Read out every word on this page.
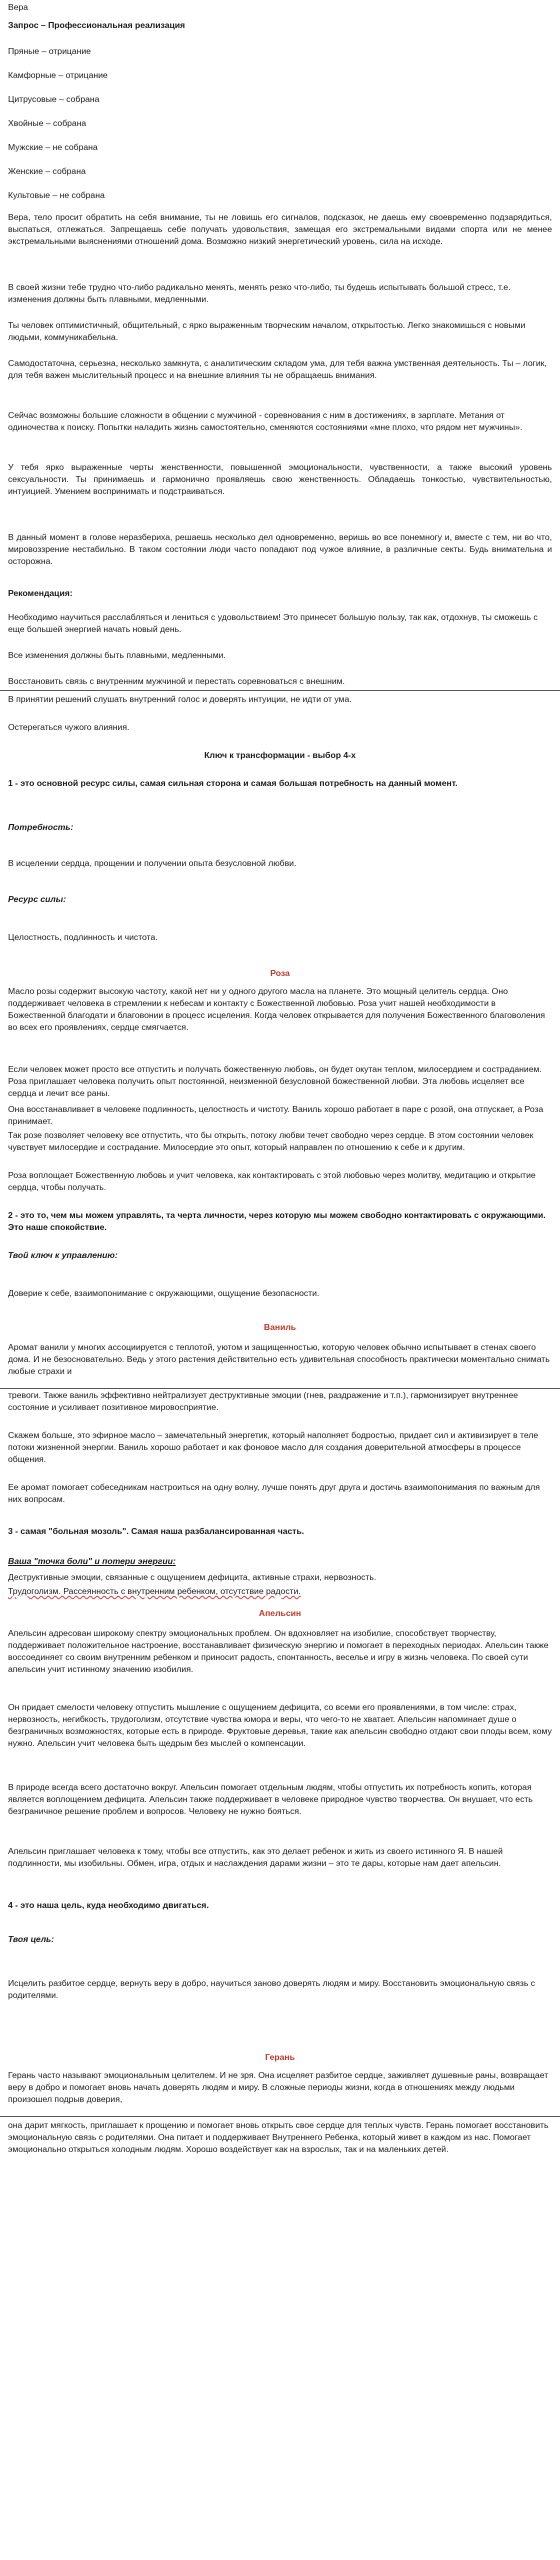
Вера

Запрос – Профессиональная реализация

Пряные – отрицание

Камфорные – отрицание

Цитрусовые – собрана

Хвойные – собрана

Мужские – не собрана

Женские – собрана

Культовые – не собрана

Вера, тело просит обратить на себя внимание, ты не ловишь его сигналов, подсказок, не даешь ему своевременно подзарядиться, выспаться, отлежаться. Запрещаешь себе получать удовольствия, замещая его экстремальными видами спорта или не менее экстремальными выяснениями отношений дома. Возможно низкий энергетический уровень, сила на исходе.

В своей жизни тебе трудно что-либо радикально менять, менять резко что-либо, ты будешь испытывать большой стресс, т.е. изменения должны быть плавными, медленными.

Ты человек оптимистичный, общительный, с ярко выраженным творческим началом, открытостью. Легко знакомишься с новыми людьми, коммуникабельна.

Самодостаточна, серьезна, несколько замкнута, с аналитическим складом ума, для тебя важна умственная деятельность. Ты – логик, для тебя важен мыслительный процесс и на внешние влияния ты не обращаешь внимания.

Сейчас возможны большие сложности в общении с мужчиной - соревнования с ним в достижениях, в зарплате. Метания от одиночества к поиску. Попытки наладить жизнь самостоятельно, сменяются состояниями «мне плохо, что рядом нет мужчины».

У тебя ярко выраженные черты женственности, повышенной эмоциональности, чувственности, а также высокий уровень сексуальности. Ты принимаешь и гармонично проявляешь свою женственность. Обладаешь тонкостью, чувствительностью, интуицией. Умением воспринимать и подстраиваться.

В данный момент в голове неразбериха, решаешь несколько дел одновременно, веришь во все понемногу и, вместе с тем, ни во что, мировоззрение нестабильно. В таком состоянии люди часто попадают под чужое влияние, в различные секты. Будь внимательна и осторожна.

Рекомендация:

Необходимо научиться расслабляться и лениться с удовольствием! Это принесет большую пользу, так как, отдохнув, ты сможешь с еще большей энергией начать новый день.

Все изменения должны быть плавными, медленными.

Восстановить связь с внутренним мужчиной и перестать соревноваться с внешним.

В принятии решений слушать внутренний голос и доверять интуиции, не идти от ума.

Остерегаться чужого влияния.

Ключ к трансформации - выбор 4-х

1 - это основной ресурс силы, самая сильная сторона и самая большая потребность на данный момент.

Потребность:

В исцелении сердца, прощении и получении опыта безусловной любви.

Ресурс силы:

Целостность, подлинность и чистота.

Роза

Масло розы содержит высокую частоту, какой нет ни у одного другого масла на планете. Это мощный целитель сердца. Оно поддерживает человека в стремлении к небесам и контакту с Божественной любовью. Роза учит нашей необходимости в Божественной благодати и благовонии в процесс исцеления. Когда человек открывается для получения Божественного благоволения во всех его проявлениях, сердце смягчается.

Если человек может просто все отпустить и получать божественную любовь, он будет окутан теплом, милосердием и состраданием. Роза приглашает человека получить опыт постоянной, неизменной безусловной божественной любви. Эта любовь исцеляет все сердца и лечит все раны.

Она восстанавливает в человеке подлинность, целостность и чистоту. Ваниль хорошо работает в паре с розой, она отпускает, а Роза принимает.

Так розе позволяет человеку все отпустить, что бы открыть, потоку любви течет свободно через сердце. В этом состоянии человек чувствует милосердие и сострадание. Милосердие это опыт, который направлен по отношению к себе и к другим.

Роза воплощает Божественную любовь и учит человека, как контактировать с этой любовью через молитву, медитацию и открытие сердца, чтобы получать.

2 - это то, чем мы можем управлять, та черта личности, через которую мы можем свободно контактировать с окружающими. Это наше спокойствие.

Твой ключ к управлению:

Доверие к себе, взаимопонимание с окружающими, ощущение безопасности.

Ваниль

Аромат ванили у многих ассоциируется с теплотой, уютом и защищенностью, которую человек обычно испытывает в стенах своего дома. И не безосновательно. Ведь у этого растения действительно есть удивительная способность практически моментально снимать любые страхи и

тревоги. Также ваниль эффективно нейтрализует деструктивные эмоции (гнев, раздражение и т.п.), гармонизирует внутреннее состояние и усиливает позитивное мировосприятие.

Скажем больше, это эфирное масло – замечательный энергетик, который наполняет бодростью, придает сил и активизирует в теле потоки жизненной энергии. Ваниль хорошо работает и как фоновое масло для создания доверительной атмосферы в процессе общения.

Ее аромат помогает собеседникам настроиться на одну волну, лучше понять друг друга и достичь взаимопонимания по важным для них вопросам.

3 - самая "больная мозоль". Самая наша разбалансированная часть.

Ваша "точка боли" и потери энергии:

Деструктивные эмоции, связанные с ощущением дефицита, активные страхи, нервозность.

Трудоголизм. Рассеянность с внутренним ребенком, отсутствие радости.

Апельсин

Апельсин адресован широкому спектру эмоциональных проблем. Он вдохновляет на изобилие, способствует творчеству, поддерживает положительное настроение, восстанавливает физическую энергию и помогает в переходных периодах. Апельсин также воссоединяет со своим внутренним ребенком и приносит радость, спонтанность, веселье и игру в жизнь человека. По своей сути апельсин учит истинному значению изобилия.

Он придает смелости человеку отпустить мышление с ощущением дефицита, со всеми его проявлениями, в том числе: страх, нервозность, негибкость, трудоголизм, отсутствие чувства юмора и веры, что чего-то не хватает. Апельсин напоминает душе о безграничных возможностях, которые есть в природе. Фруктовые деревья, такие как апельсин свободно отдают свои плоды всем, кому нужно. Апельсин учит человека быть щедрым без мыслей о компенсации.

В природе всегда всего достаточно вокруг. Апельсин помогает отдельным людям, чтобы отпустить их потребность копить, которая является воплощением дефицита. Апельсин также поддерживает в человеке природное чувство творчества. Он внушает, что есть безграничное решение проблем и вопросов. Человеку не нужно бояться.

Апельсин приглашает человека к тому, чтобы все отпустить, как это делает ребенок и жить из своего истинного Я. В нашей подлинности, мы изобильны. Обмен, игра, отдых и наслаждения дарами жизни – это те дары, которые нам дает апельсин.

4 - это наша цель, куда необходимо двигаться.

Твоя цель:

Исцелить разбитое сердце, вернуть веру в добро, научиться заново доверять людям и миру. Восстановить эмоциональную связь с родителями.

Герань

Герань часто называют эмоциональным целителем. И не зря. Она исцеляет разбитое сердце, заживляет душевные раны, возвращает веру в добро и помогает вновь начать доверять людям и миру. В сложные периоды жизни, когда в отношениях между людьми произошел подрыв доверия,

она дарит мягкость, приглашает к прощению и помогает вновь открыть свое сердце для теплых чувств. Герань помогает восстановить эмоциональную связь с родителями. Она питает и поддерживает Внутреннего Ребенка, который живет в каждом из нас. Помогает эмоционально открыться холодным людям. Хорошо воздействует как на взрослых, так и на маленьких детей.
